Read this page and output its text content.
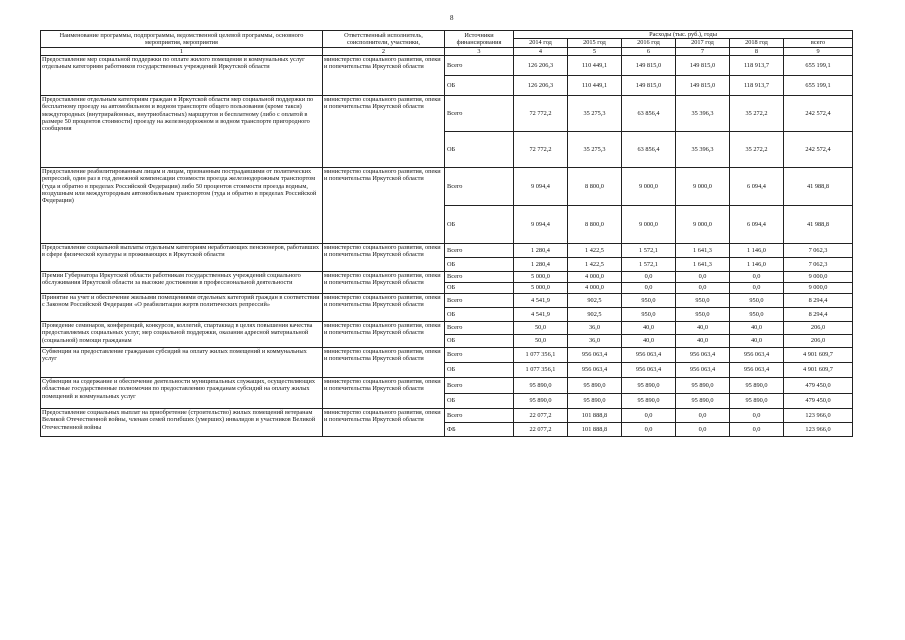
8
Наименование программы, подпрограммы, ведомственной целевой программы, основного мероприятия, мероприятия	Ответственный исполнитель, соисполнители, участники,	Источники финансирования	Расходы (тыс. руб.), годы					
			2014 год	2015 год	2016 год	2017 год	2018 год	всего
1	2	3	4	5	6	7	8	9
Предоставление мер социальной поддержки по оплате жилого помещения и коммунальных услуг отдельным категориям работников государственных учреждений Иркутской области	министерство социального развития, опеки и попечительства Иркутской области	Всего	126 206,3	110 449,1	149 815,0	149 815,0	118 913,7	655 199,1
		ОБ	126 206,3	110 449,1	149 815,0	149 815,0	118 913,7	655 199,1
Предоставление отдельным категориям граждан в Иркутской области мер социальной поддержки по бесплатному проезду на автомобильном и водном транспорте общего пользования (кроме такси) междугородных (внутрирайонных, внутриобластных) маршрутов и бесплатному (либо с оплатой в размере 50 процентов стоимости) проезду на железнодорожном и водном транспорте пригородного сообщения	министерство социального развития, опеки и попечительства Иркутской области	Всего	72 772,2	35 275,3	63 856,4	35 396,3	35 272,2	242 572,4
		ОБ	72 772,2	35 275,3	63 856,4	35 396,3	35 272,2	242 572,4
Предоставление реабилитированным лицам и лицам, признанным пострадавшими от политических репрессий, один раз в год денежной компенсации стоимости проезда железнодорожным транспортом (туда и обратно в пределах Российской Федерации) либо 50 процентов стоимости проезда водным, воздушным или междугородным автомобильным транспортом (туда и обратно в пределах Российской Федерации)	министерство социального развития, опеки и попечительства Иркутской области	Всего	9 094,4	8 800,0	9 000,0	9 000,0	6 094,4	41 988,8
		ОБ	9 094,4	8 800,0	9 000,0	9 000,0	6 094,4	41 988,8
Предоставление социальной выплаты отдельным категориям неработающих пенсионеров, работавших в сфере физической культуры и проживающих в Иркутской области	министерство социального развития, опеки и попечительства Иркутской области	Всего	1 280,4	1 422,5	1 572,1	1 641,3	1 146,0	7 062,3
		ОБ	1 280,4	1 422,5	1 572,1	1 641,3	1 146,0	7 062,3
Премии Губернатора Иркутской области работникам государственных учреждений социального обслуживания Иркутской области за высокие достижения в профессиональной деятельности	министерство социального развития, опеки и попечительства Иркутской области	Всего	5 000,0	4 000,0	0,0	0,0	0,0	9 000,0
		ОБ	5 000,0	4 000,0	0,0	0,0	0,0	9 000,0
Принятие на учет и обеспечение жильыми помещениями отдельных категорий граждан в соответствии с Законом Российской Федерации «О реабилитации жертв политических репрессий»	министерство социального развития, опеки и попечительства Иркутской области	Всего	4 541,9	902,5	950,0	950,0	950,0	8 294,4
		ОБ	4 541,9	902,5	950,0	950,0	950,0	8 294,4
Проведение семинаров, конференций, конкурсов, коллегий, спартакиад в целях повышения качества предоставляемых социальных услуг, мер социальной поддержки, оказания адресной материальной (социальной) помощи гражданам	министерство социального развития, опеки и попечительства Иркутской области	Всего	50,0	36,0	40,0	40,0	40,0	206,0
		ОБ	50,0	36,0	40,0	40,0	40,0	206,0
Субвенции на предоставление гражданам субсидий на оплату жилых помещений и коммунальных услуг	министерство социального развития, опеки и попечительства Иркутской области	Всего	1 077 356,1	956 063,4	956 063,4	956 063,4	956 063,4	4 901 609,7
		ОБ	1 077 356,1	956 063,4	956 063,4	956 063,4	956 063,4	4 901 609,7
Субвенции на содержание и обеспечение деятельности муниципальных служащих, осуществляющих областные государственные полномочия по предоставлению гражданам субсидий на оплату жилых помещений и коммунальных услуг	министерство социального развития, опеки и попечительства Иркутской области	Всего	95 890,0	95 890,0	95 890,0	95 890,0	95 890,0	479 450,0
		ОБ	95 890,0	95 890,0	95 890,0	95 890,0	95 890,0	479 450,0
Предоставление социальных выплат на приобретение (строительство) жилых помещений ветеранам Великой Отечественной войны, членам семей погибших (умерших) инвалидов и участников Великой Отечественной войны	министерство социального развития, опеки и попечительства Иркутской области	Всего	22 077,2	101 888,8	0,0	0,0	0,0	123 966,0
		ФБ	22 077,2	101 888,8	0,0	0,0	0,0	123 966,0
